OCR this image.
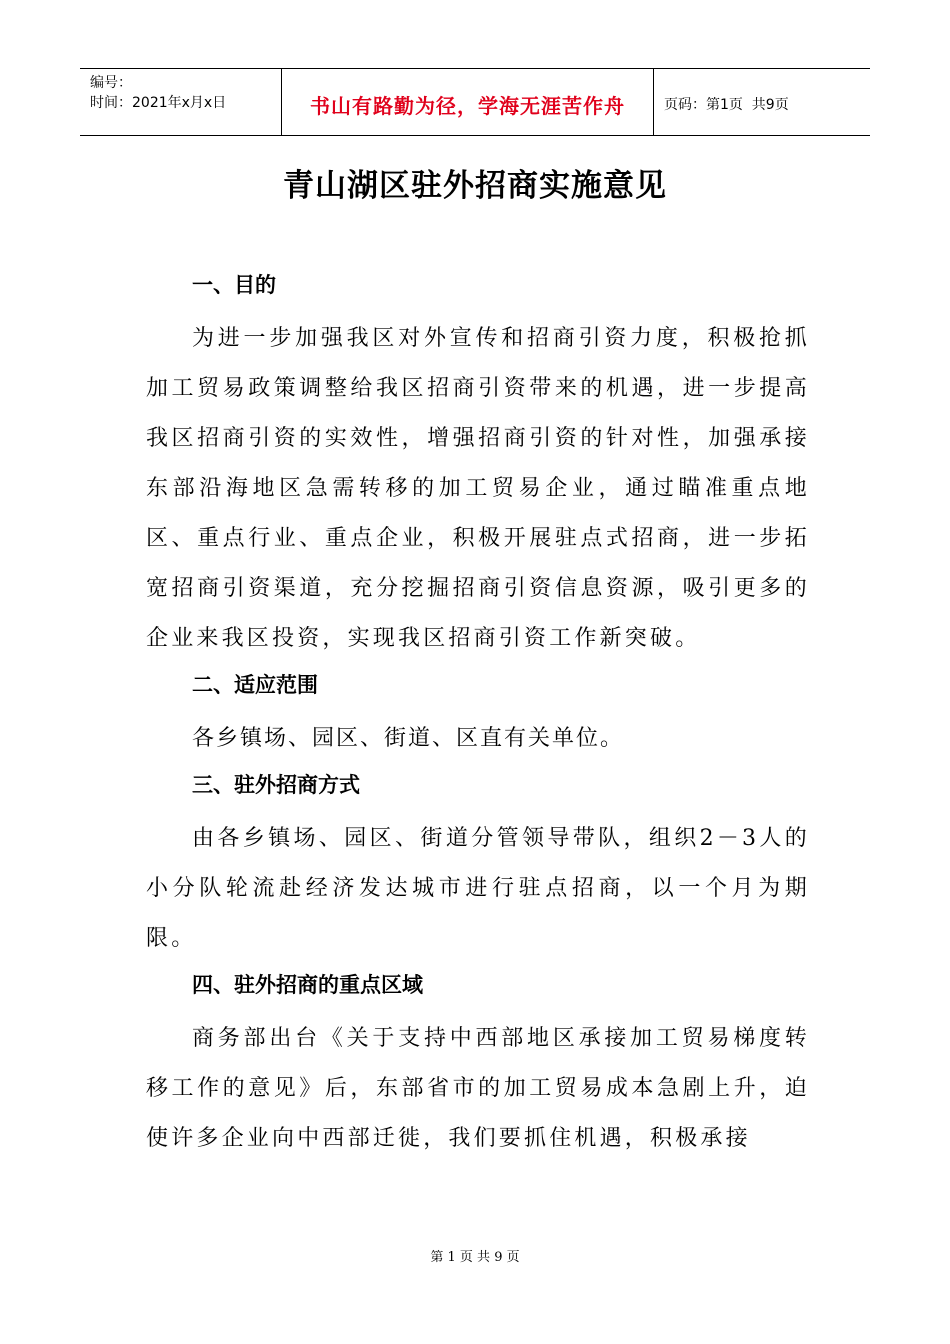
编号：
时间：2021年x月x日	书山有路勤为径，学海无涯苦作舟	页码：第1页  共9页
青山湖区驻外招商实施意见
一、目的

为进一步加强我区对外宣传和招商引资力度，积极抢抓加工贸易政策调整给我区招商引资带来的机遇，进一步提高我区招商引资的实效性，增强招商引资的针对性，加强承接东部沿海地区急需转移的加工贸易企业，通过瞄准重点地区、重点行业、重点企业，积极开展驻点式招商，进一步拓宽招商引资渠道，充分挖掘招商引资信息资源，吸引更多的企业来我区投资，实现我区招商引资工作新突破。

二、适应范围

各乡镇场、园区、街道、区直有关单位。

三、驻外招商方式

由各乡镇场、园区、街道分管领导带队，组织2－3人的小分队轮流赴经济发达城市进行驻点招商，以一个月为期限。

四、驻外招商的重点区域

商务部出台《关于支持中西部地区承接加工贸易梯度转移工作的意见》后，东部省市的加工贸易成本急剧上升，迫使许多企业向中西部迁徙，我们要抓住机遇，积极承接

第 1 页 共 9 页
